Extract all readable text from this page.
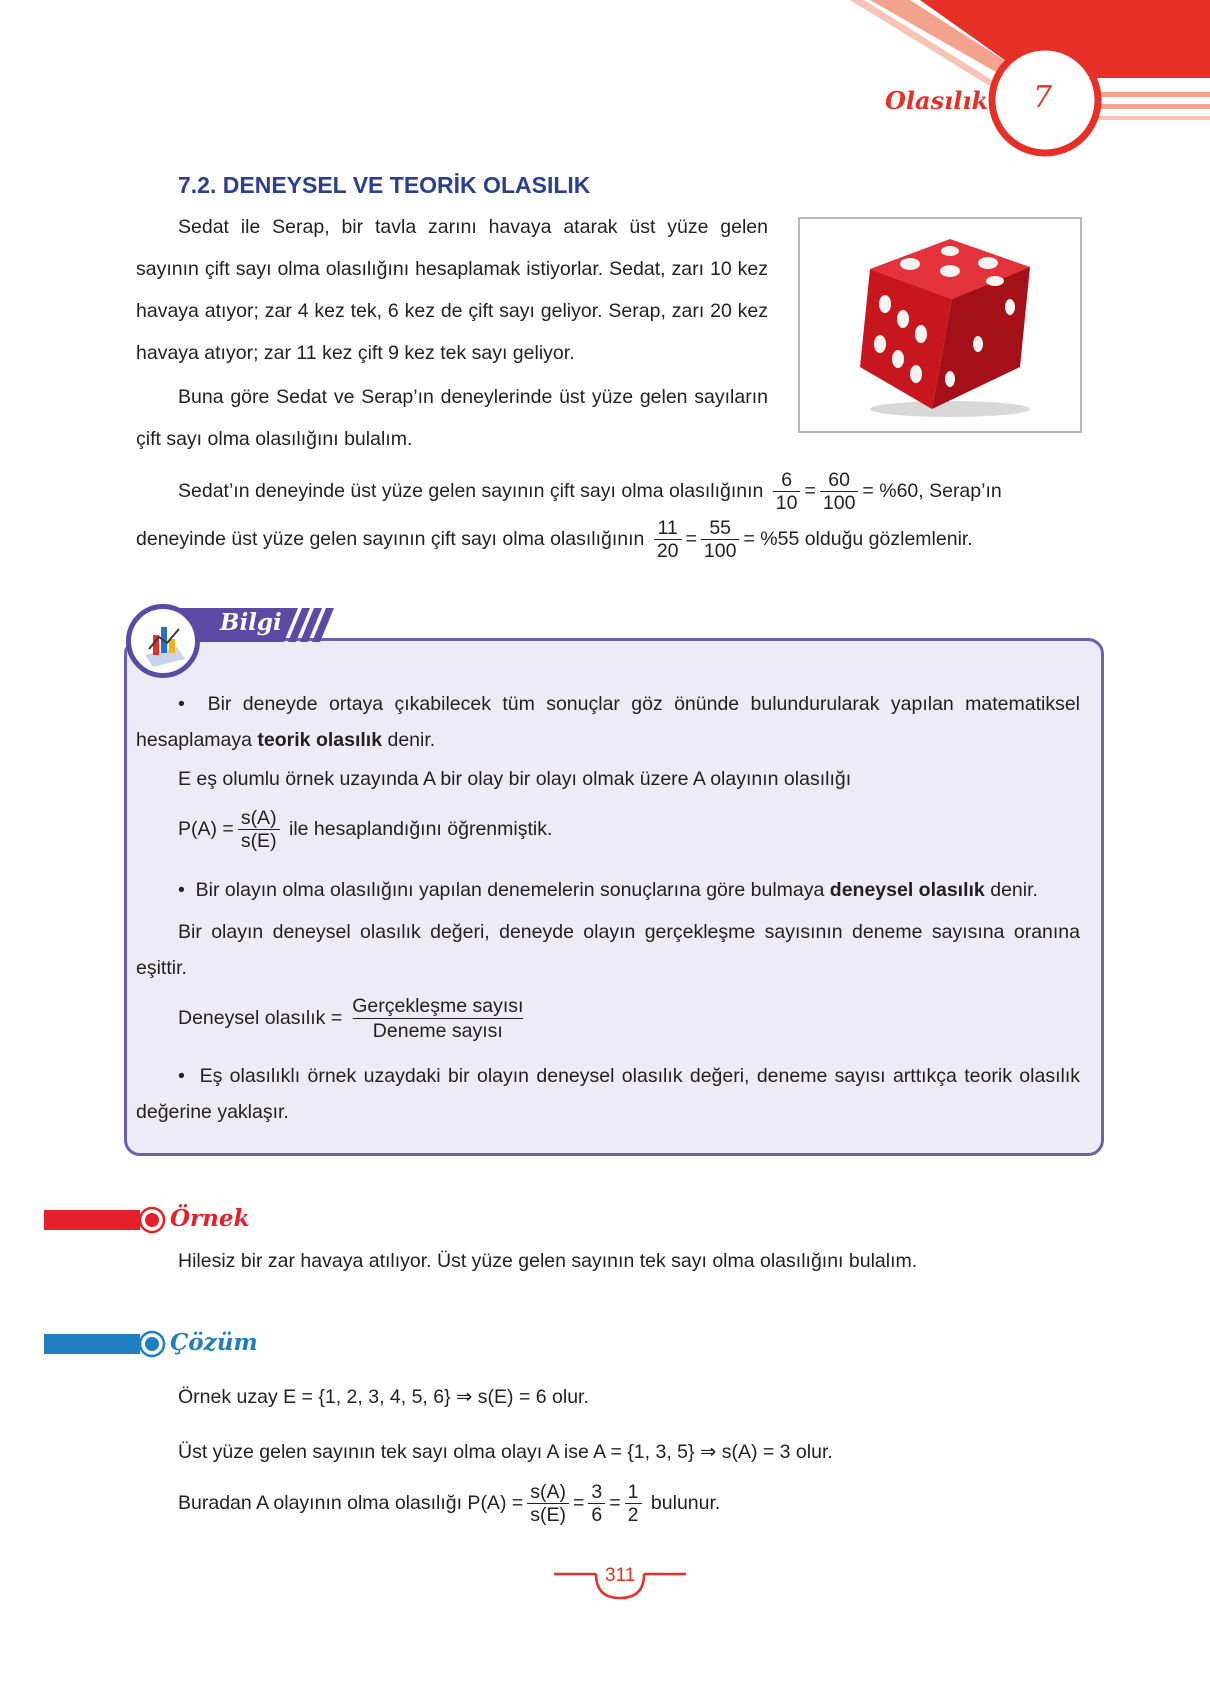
Olasılık 7
7.2. DENEYSEL VE TEORİK OLASILIK
Sedat ile Serap, bir tavla zarını havaya atarak üst yüze gelen sayının çift sayı olma olasılığını hesaplamak istiyorlar. Sedat, zarı 10 kez havaya atıyor; zar 4 kez tek, 6 kez de çift sayı geliyor. Serap, zarı 20 kez havaya atıyor; zar 11 kez çift 9 kez tek sayı geliyor.
Buna göre Sedat ve Serap’ın deneylerinde üst yüze gelen sayıların çift sayı olma olasılığını bulalım.
Sedat’ın deneyinde üst yüze gelen sayının çift sayı olma olasılığının $\frac{6}{10} = \frac{60}{100} = \%60$, Serap’ın
deneyinde üst yüze gelen sayının çift sayı olma olasılığının $\frac{11}{20} = \frac{55}{100} = \%55$ olduğu gözlemlenir.
Bilgi
• Bir deneyde ortaya çıkabilecek tüm sonuçlar göz önünde bulundurularak yapılan matematiksel hesaplamaya teorik olasılık denir.
E eş olumlu örnek uzayında A bir olay bir olayı olmak üzere A olayının olasılığı
$P(A) = \frac{s(A)}{s(E)}$ ile hesaplandığını öğrenmiştik.
• Bir olayın olma olasılığını yapılan denemelerin sonuçlarına göre bulmaya deneysel olasılık denir.
Bir olayın deneysel olasılık değeri, deneyde olayın gerçekleşme sayısının deneme sayısına oranına eşittir.
Deneysel olasılık = $\frac{\text{Gerçekleşme sayısı}}{\text{Deneme sayısı}}$
• Eş olasılıklı örnek uzaydaki bir olayın deneysel olasılık değeri, deneme sayısı arttıkça teorik olasılık değerine yaklaşır.
Örnek
Hilesiz bir zar havaya atılıyor. Üst yüze gelen sayının tek sayı olma olasılığını bulalım.
Çözüm
Örnek uzay E = {1, 2, 3, 4, 5, 6} ⇒ s(E) = 6 olur.
Üst yüze gelen sayının tek sayı olma olayı A ise A = {1, 3, 5} ⇒ s(A) = 3 olur.
Buradan A olayının olma olasılığı $P(A) = \frac{s(A)}{s(E)} = \frac{3}{6} = \frac{1}{2}$ bulunur.
311
